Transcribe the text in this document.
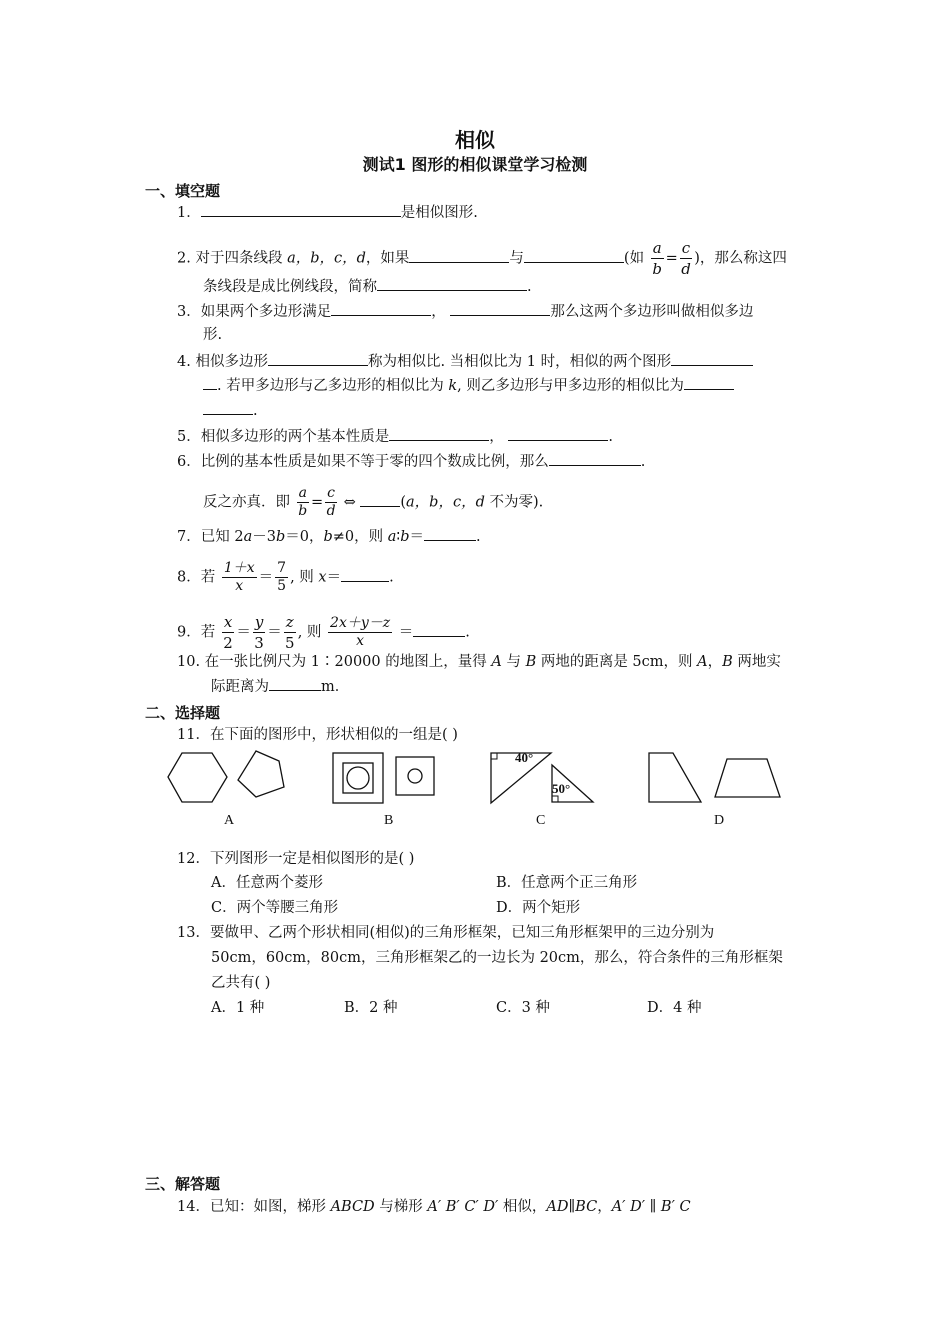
相似
测试1 图形的相似课堂学习检测
一、填空题
1．	是相似图形.
2. 对于四条线段 a，b，c，d，如果	与	(如 $\frac{a}{b} = \frac{c}{d}$ )，那么称这四
条线段是成比例线段，简称	.
3．如果两个多边形满足	，	那么这两个多边形叫做相似多边
形.
4. 相似多边形	称为相似比. 当相似比为 1 时，相似的两个图形
. 若甲多边形与乙多边形的相似比为 k, 则乙多边形与甲多边形的相似比为
.
5．相似多边形的两个基本性质是	，	.
6．比例的基本性质是如果不等于零的四个数成比例，那么	.
反之亦真．即 $\frac{a}{b} = \frac{c}{d}$ ⇔	(a，b，c，d 不为零).
7．已知 2a－3b＝0，b≠0，则 a∶b＝	.
8．若 $\frac{1+x}{x} = \frac{7}{5}$ , 则 x＝	.
9．若 $\frac{x}{2} = \frac{y}{3} = \frac{z}{5}$ , 则 $\frac{2x+y-z}{x}$ ＝	.
10. 在一张比例尺为 1∶20000 的地图上，量得 A 与 B 两地的距离是 5cm，则 A，B 两地实
际距离为	m．
二、选择题
11．在下面的图形中，形状相似的一组是( )
40°
50°
A	B	C	D
12．下列图形一定是相似图形的是( )
A．任意两个菱形	B．任意两个正三角形
C．两个等腰三角形	D．两个矩形
13．要做甲、乙两个形状相同(相似)的三角形框架，已知三角形框架甲的三边分别为
50cm，60cm，80cm，三角形框架乙的一边长为 20cm，那么，符合条件的三角形框架
乙共有( )
A．1 种	B．2 种	C．3 种	D．4 种
三、解答题
14．已知：如图，梯形 ABCD 与梯形 A′ B′ C′ D′ 相似，AD∥BC，A′ D′ ∥ B′ C
